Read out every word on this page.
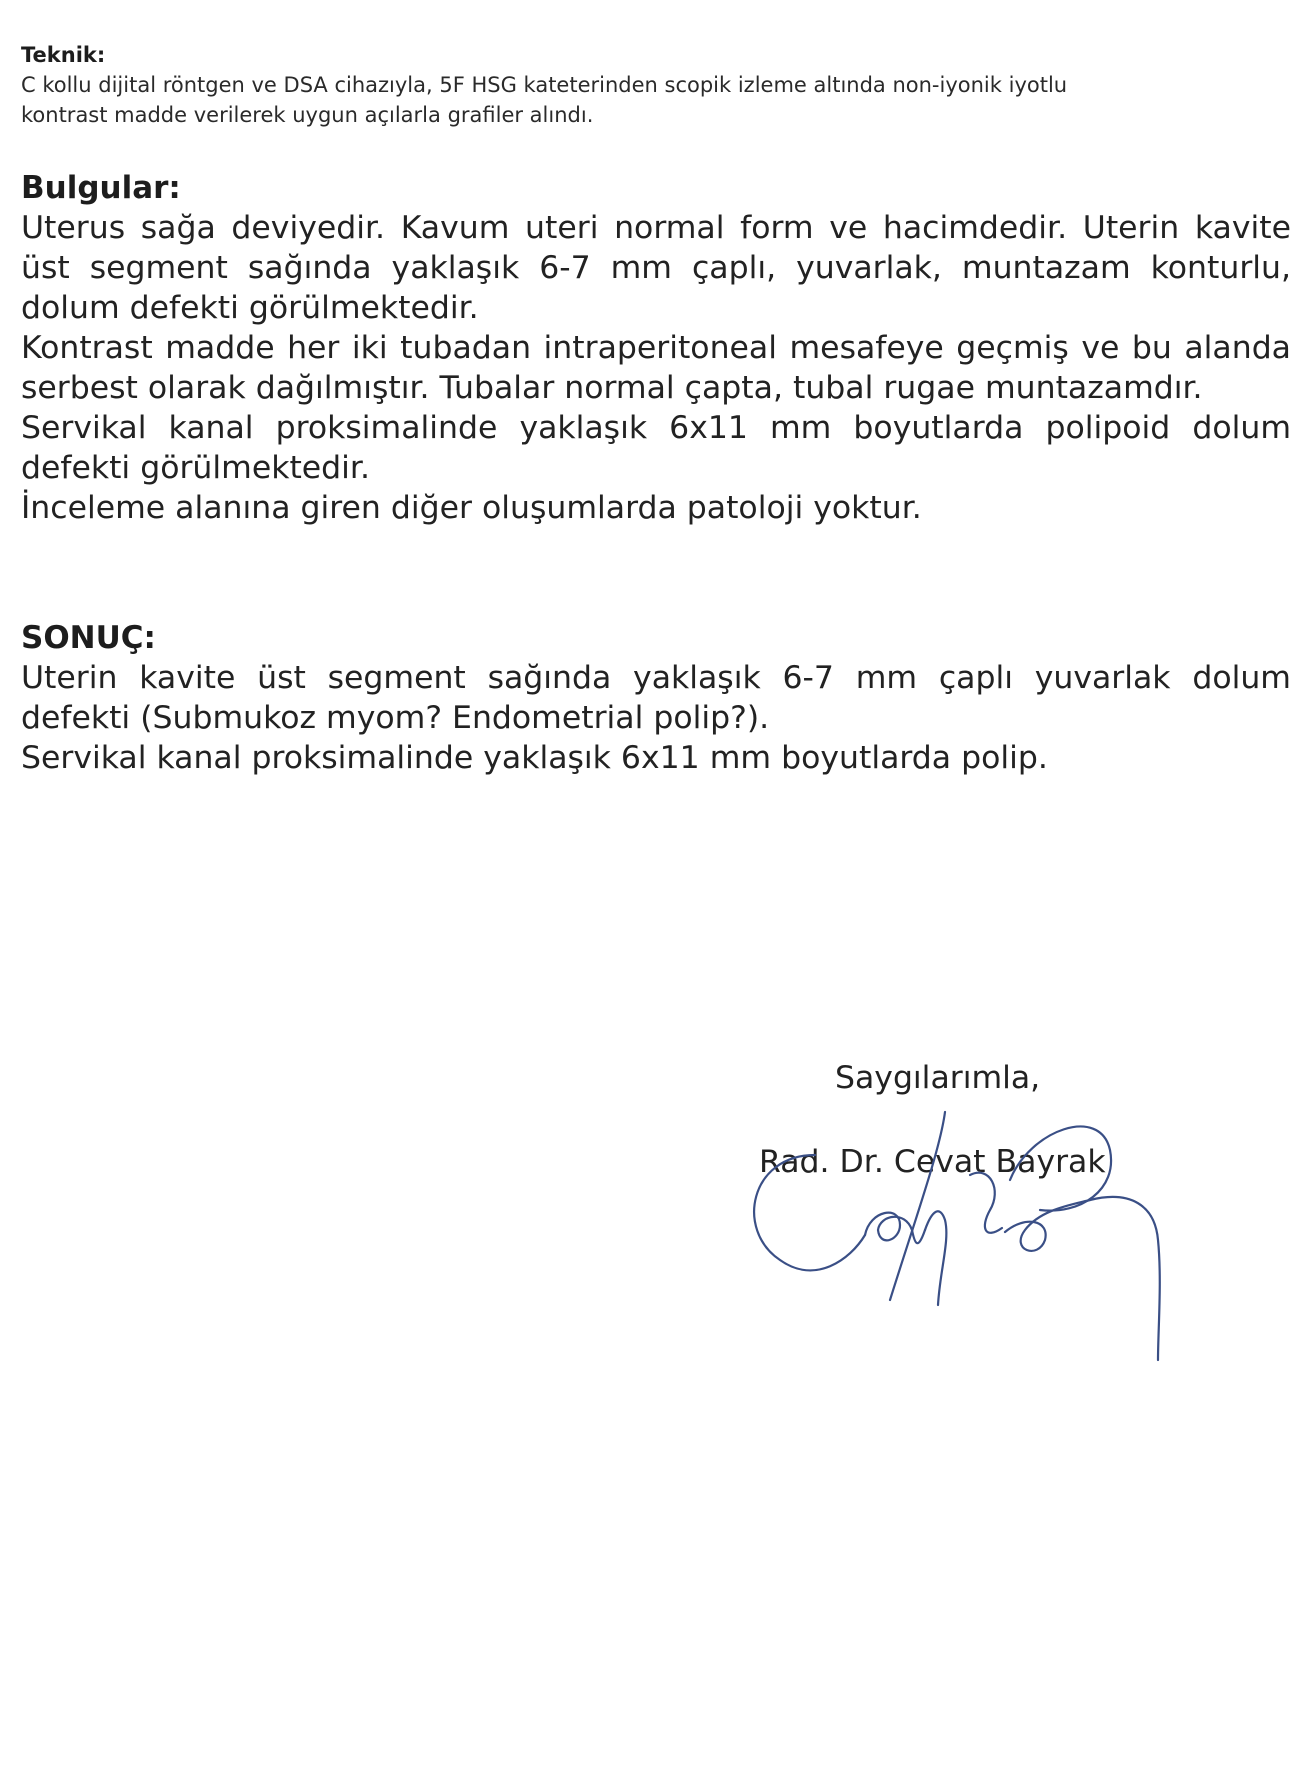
Teknik:

C kollu dijital röntgen ve DSA cihazıyla, 5F HSG kateterinden scopik izleme altında non-iyonik iyotlu

kontrast madde verilerek uygun açılarla grafiler alındı.

Bulgular:

Uterus sağa deviyedir. Kavum uteri normal form ve hacimdedir. Uterin kavite üst segment sağında yaklaşık 6-7 mm çaplı, yuvarlak, muntazam konturlu, dolum defekti görülmektedir.

Kontrast madde her iki tubadan intraperitoneal mesafeye geçmiş ve bu alanda serbest olarak dağılmıştır. Tubalar normal çapta, tubal rugae muntazamdır.

Servikal kanal proksimalinde yaklaşık 6x11 mm boyutlarda polipoid dolum defekti görülmektedir.

İnceleme alanına giren diğer oluşumlarda patoloji yoktur.

SONUÇ:

Uterin kavite üst segment sağında yaklaşık 6-7 mm çaplı yuvarlak dolum defekti (Submukoz myom? Endometrial polip?).

Servikal kanal proksimalinde yaklaşık 6x11 mm boyutlarda polip.

Saygılarımla,
Rad. Dr. Cevat Bayrak
